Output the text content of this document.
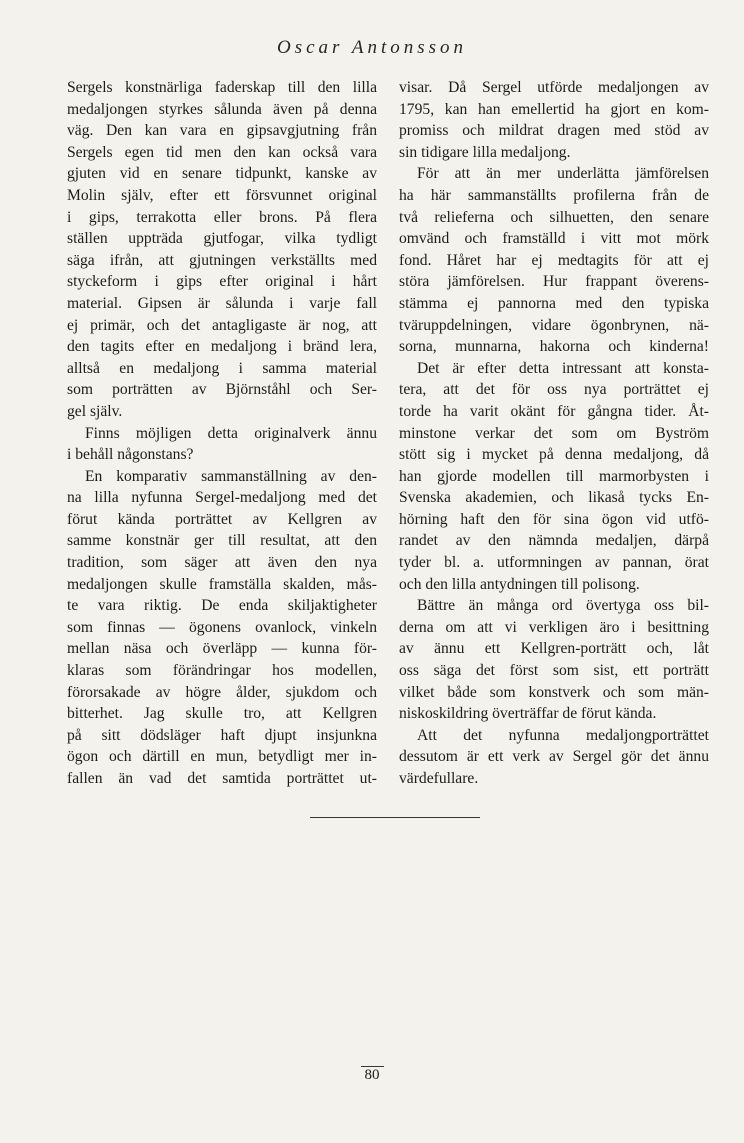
Oscar Antonsson
Sergels konstnärliga faderskap till den lilla
medaljongen styrkes sålunda även på denna
väg. Den kan vara en gipsavgjutning från
Sergels egen tid men den kan också vara
gjuten vid en senare tidpunkt, kanske av
Molin själv, efter ett försvunnet original
i gips, terrakotta eller brons. På flera
ställen uppträda gjutfogar, vilka tydligt
säga ifrån, att gjutningen verkställts med
styckeform i gips efter original i hårt
material. Gipsen är sålunda i varje fall
ej primär, och det antagligaste är nog, att
den tagits efter en medaljong i bränd lera,
alltså en medaljong i samma material
som porträtten av Björnståhl och Ser-
gel själv.
Finns möjligen detta originalverk ännu
i behåll någonstans?
En komparativ sammanställning av den-
na lilla nyfunna Sergel-medaljong med det
förut kända porträttet av Kellgren av
samme konstnär ger till resultat, att den
tradition, som säger att även den nya
medaljongen skulle framställa skalden, mås-
te vara riktig. De enda skiljaktigheter
som finnas — ögonens ovanlock, vinkeln
mellan näsa och överläpp — kunna för-
klaras som förändringar hos modellen,
förorsakade av högre ålder, sjukdom och
bitterhet. Jag skulle tro, att Kellgren
på sitt dödsläger haft djupt insjunkna
ögon och därtill en mun, betydligt mer in-
fallen än vad det samtida porträttet ut-
visar. Då Sergel utförde medaljongen av
1795, kan han emellertid ha gjort en kom-
promiss och mildrat dragen med stöd av
sin tidigare lilla medaljong.
För att än mer underlätta jämförelsen
ha här sammanställts profilerna från de
två relieferna och silhuetten, den senare
omvänd och framställd i vitt mot mörk
fond. Håret har ej medtagits för att ej
störa jämförelsen. Hur frappant överens-
stämma ej pannorna med den typiska
tväruppdelningen, vidare ögonbrynen, nä-
sorna, munnarna, hakorna och kinderna!
Det är efter detta intressant att konsta-
tera, att det för oss nya porträttet ej
torde ha varit okänt för gångna tider. Åt-
minstone verkar det som om Byström
stött sig i mycket på denna medaljong, då
han gjorde modellen till marmorbysten i
Svenska akademien, och likaså tycks En-
hörning haft den för sina ögon vid utfö-
randet av den nämnda medaljen, därpå
tyder bl. a. utformningen av pannan, örat
och den lilla antydningen till polisong.
Bättre än många ord övertyga oss bil-
derna om att vi verkligen äro i besittning
av ännu ett Kellgren-porträtt och, låt
oss säga det först som sist, ett porträtt
vilket både som konstverk och som män-
niskoskildring överträffar de förut kända.
Att det nyfunna medaljongporträttet
dessutom är ett verk av Sergel gör det ännu
värdefullare.
80
